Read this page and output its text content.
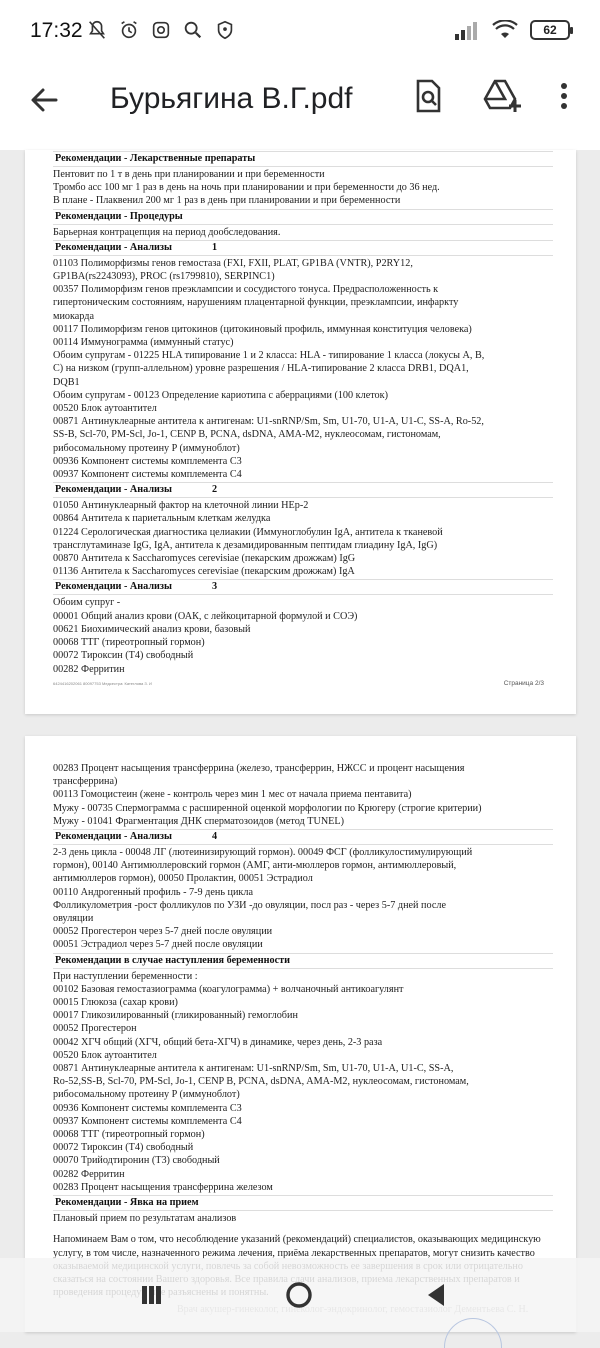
17:32	62
Бурьягина В.Г.pdf
Рекомендации - Лекарственные препараты
Пентовит по 1 т в день при планировании и при беременности
Тромбо асс 100 мг 1 раз в день на ночь при планировании и при беременности до 36 нед.
В плане - Плаквенил 200 мг 1 раз в день при планировании и при беременности
Рекомендации - Процедуры
Барьерная контрацепция на период дообследования.
Рекомендации - Анализы	1
01103 Полиморфизмы генов гемостаза (FXI, FXII, PLAT, GP1BA (VNTR), P2RY12,
GP1BA(rs2243093), PROC (rs1799810), SERPINC1)
00357 Полиморфизм генов преэклампсии и сосудистого тонуса. Предрасположенность к
гипертоническим состояниям, нарушениям плацентарной функции, преэклампсии, инфаркту
миокарда
00117 Полиморфизм генов цитокинов (цитокиновый профиль, иммунная конституция человека)
00114 Иммунограмма (иммунный статус)
Обоим супругам - 01225 HLA типирование 1 и 2 класса: HLA - типирование 1 класса (локусы A, B,
C) на низком (групп-аллельном) уровне разрешения / HLA-типирование 2 класса DRB1, DQA1,
DQB1
Обоим супругам - 00123 Определение кариотипа с аберрациями (100 клеток)
00520 Блок аутоантител
00871 Антинуклеарные антитела к антигенам: U1-snRNP/Sm, Sm, U1-70, U1-A, U1-C, SS-A, Ro-52,
SS-B, Scl-70, PM-Scl, Jo-1, CENP B, PCNA, dsDNA, AMA-M2, нуклеосомам, гистономам,
рибосомальному протеину P (иммуноблот)
00936 Компонент системы комплемента С3
00937 Компонент системы комплемента С4
Рекомендации - Анализы	2
01050 Антинуклеарный фактор на клеточной линии HEp-2
00864 Антитела к париетальным клеткам желудка
01224 Серологическая диагностика целиакии (Иммуноглобулин IgA, антитела к тканевой
трансглутаминазе IgG, IgA, антитела к дезамидированным пептидам глиадину IgA, IgG)
00870 Антитела к Saccharomyces cerevisiae (пекарским дрожжам) IgG
01136 Антитела к Saccharomyces cerevisiae (пекарским дрожжам) IgA
Рекомендации - Анализы	3
Обоим супруг -
00001 Общий анализ крови (ОАК, с лейкоцитарной формулой и СОЭ)
00621 Биохимический анализ крови, базовый
00068 ТТГ (тиреотропный гормон)
00072 Тироксин (Т4) свободный
00282 Ферритин
6424416202061 80097753 Медсестра: Категлова З. И	Страница 2/3
00283 Процент насыщения трансферрина (железо, трансферрин, НЖСС и процент насыщения
трансферрина)
00113 Гомоцистеин (жене - контроль через мин 1 мес от начала приема пентавита)
Мужу - 00735 Спермограмма с расширенной оценкой морфологии по Крюгеру (строгие критерии)
Мужу - 01041 Фрагментация ДНК сперматозоидов (метод TUNEL)
Рекомендации - Анализы	4
2-3 день цикла - 00048 ЛГ (лютеинизирующий гормон). 00049 ФСГ (фолликулостимулирующий
гормон), 00140 Антимюллеровский гормон (АМГ, анти-мюллеров гормон, антимюллеровый,
антимюллеров гормон), 00050 Пролактин, 00051 Эстрадиол
00110 Андрогенный профиль - 7-9 день цикла
Фолликулометрия -рост фолликулов по УЗИ -до овуляции, посл раз - через 5-7 дней после
овуляции
00052 Прогестерон через 5-7 дней после овуляции
00051 Эстрадиол через 5-7 дней после овуляции
Рекомендации в случае наступления беременности
При наступлении беременности :
00102 Базовая гемостазиограмма (коагулограмма) + волчаночный антикоагулянт
00015 Глюкоза (сахар крови)
00017 Гликозилированный (гликированный) гемоглобин
00052 Прогестерон
00042 ХГЧ общий (ХГЧ, общий бета-ХГЧ) в динамике, через день, 2-3 раза
00520 Блок аутоантител
00871 Антинуклеарные антитела к антигенам: U1-snRNP/Sm, Sm, U1-70, U1-A, U1-C, SS-A,
Ro-52,SS-B, Scl-70, PM-Scl, Jo-1, CENP B, PCNA, dsDNA, AMA-M2, нуклеосомам, гистономам,
рибосомальному протеину P (иммуноблот)
00936 Компонент системы комплемента С3
00937 Компонент системы комплемента С4
00068 ТТГ (тиреотропный гормон)
00072 Тироксин (Т4) свободный
00070 Трийодтиронин (Т3) свободный
00282 Ферритин
00283 Процент насыщения трансферрина железом
Рекомендации - Явка на прием
Плановый прием по результатам анализов
Напоминаем Вам о том, что несоблюдение указаний (рекомендаций) специалистов, оказывающих медицинскую услугу, в том числе, назначенного режима лечения, приёма лекарственных препаратов, могут снизить качество
